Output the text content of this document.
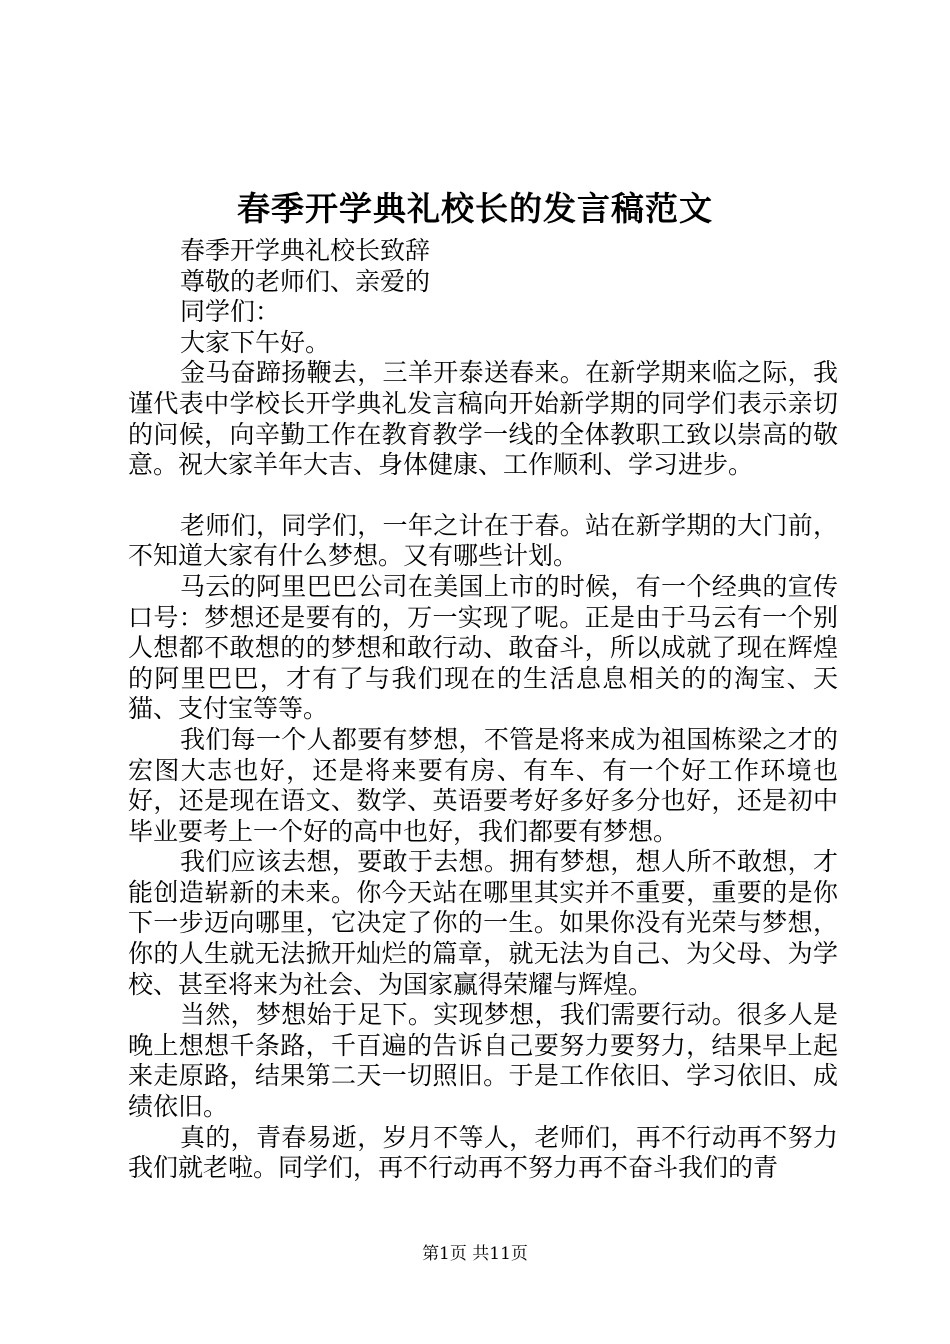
春季开学典礼校长的发言稿范文

春季开学典礼校长致辞

尊敬的老师们、亲爱的

同学们：

大家下午好。

金马奋蹄扬鞭去，三羊开泰送春来。在新学期来临之际，我谨代表中学校长开学典礼发言稿向开始新学期的同学们表示亲切的问候，向辛勤工作在教育教学一线的全体教职工致以崇高的敬意。祝大家羊年大吉、身体健康、工作顺利、学习进步。

老师们，同学们，一年之计在于春。站在新学期的大门前，不知道大家有什么梦想。又有哪些计划。

马云的阿里巴巴公司在美国上市的时候，有一个经典的宣传口号：梦想还是要有的，万一实现了呢。正是由于马云有一个别人想都不敢想的的梦想和敢行动、敢奋斗，所以成就了现在辉煌的阿里巴巴，才有了与我们现在的生活息息相关的的淘宝、天猫、支付宝等等。

我们每一个人都要有梦想，不管是将来成为祖国栋梁之才的宏图大志也好，还是将来要有房、有车、有一个好工作环境也好，还是现在语文、数学、英语要考好多好多分也好，还是初中毕业要考上一个好的高中也好，我们都要有梦想。

我们应该去想，要敢于去想。拥有梦想，想人所不敢想，才能创造崭新的未来。你今天站在哪里其实并不重要，重要的是你下一步迈向哪里，它决定了你的一生。如果你没有光荣与梦想，你的人生就无法掀开灿烂的篇章，就无法为自己、为父母、为学校、甚至将来为社会、为国家赢得荣耀与辉煌。

当然，梦想始于足下。实现梦想，我们需要行动。很多人是晚上想想千条路，千百遍的告诉自己要努力要努力，结果早上起来走原路，结果第二天一切照旧。于是工作依旧、学习依旧、成绩依旧。

真的，青春易逝，岁月不等人，老师们，再不行动再不努力我们就老啦。同学们，再不行动再不努力再不奋斗我们的青

第1页 共11页
